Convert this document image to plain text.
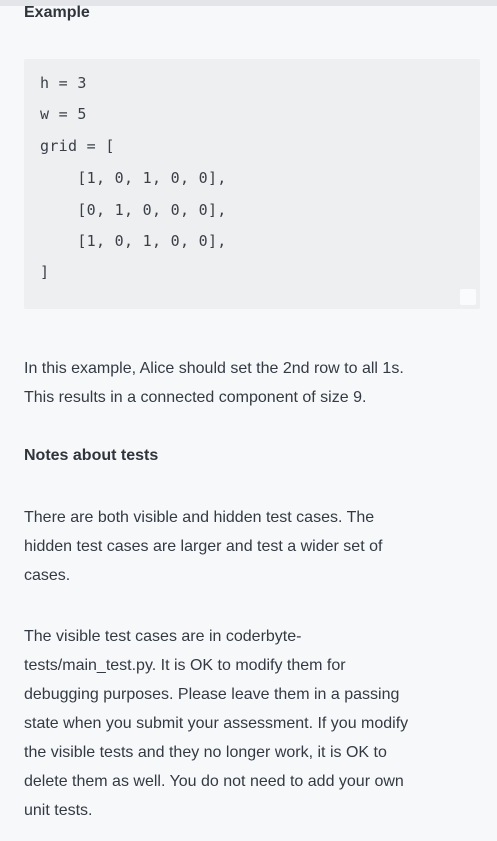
Example
h = 3
w = 5
grid = [
[1, 0, 1, 0, 0],
[0, 1, 0, 0, 0],
[1, 0, 1, 0, 0],
]

In this example, Alice should set the 2nd row to all 1s.
This results in a connected component of size 9.

Notes about tests

There are both visible and hidden test cases. The
hidden test cases are larger and test a wider set of
cases.

The visible test cases are in coderbyte-
tests/main_test.py. It is OK to modify them for
debugging purposes. Please leave them in a passing
state when you submit your assessment. If you modify
the visible tests and they no longer work, it is OK to
delete them as well. You do not need to add your own
unit tests.
